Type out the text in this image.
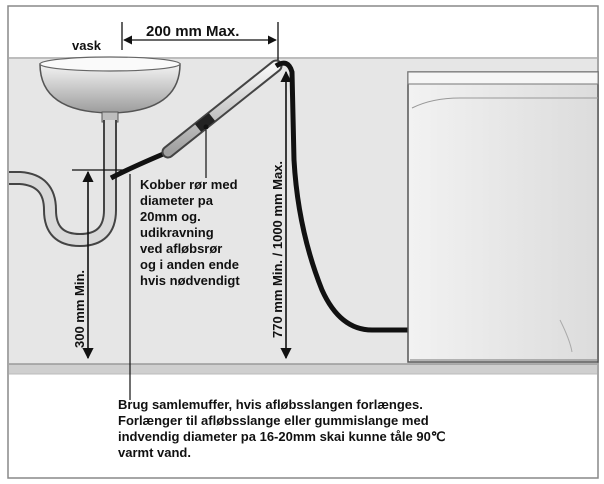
vask
200 mm Max.
300 mm Min.	770 mm Min. / 1000 mm Max.
Kobber rør med
diameter pa
20mm og.
udikravning
ved afløbsrør
og i anden ende
hvis nødvendigt
Brug samlemuffer, hvis afløbsslangen forlænges.
Forlænger til afløbsslange eller gummislange med
indvendig diameter pa 16-20mm skai kunne tåle 90℃
varmt vand.
